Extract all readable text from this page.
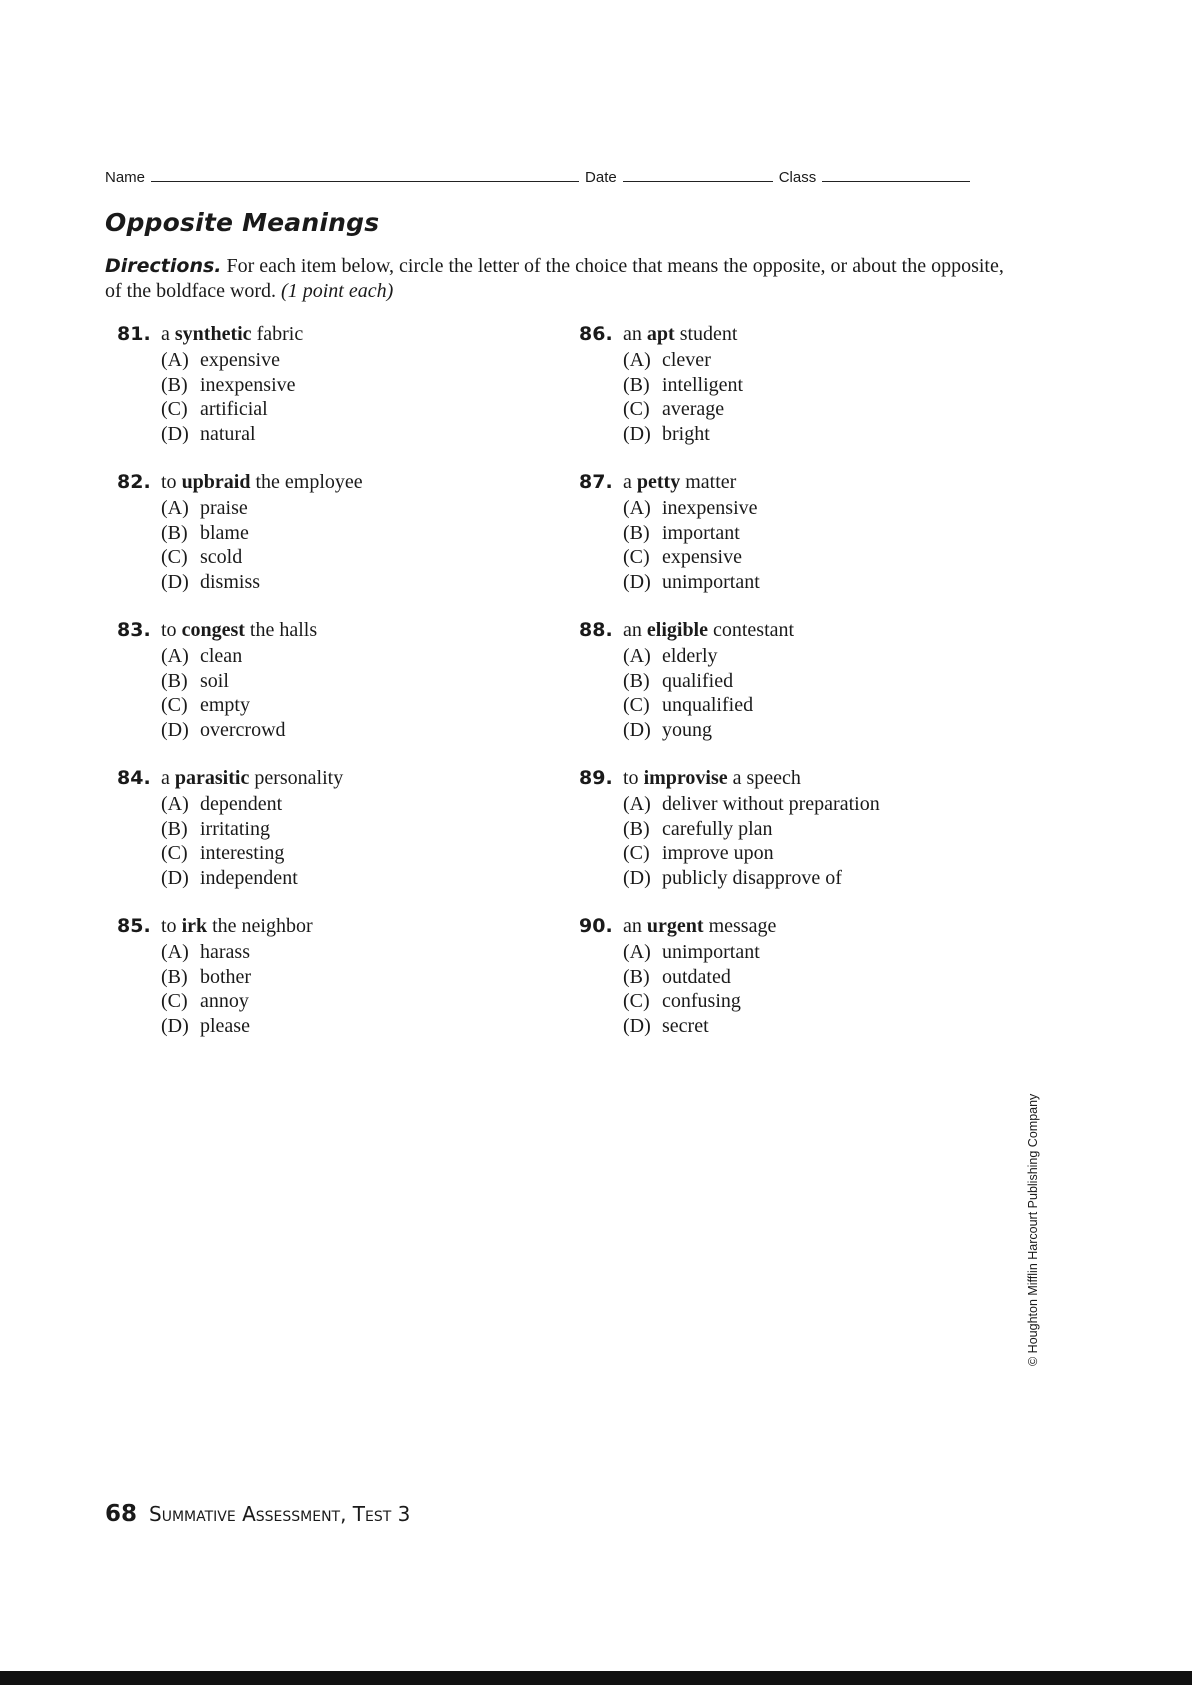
Name	Date	Class
Opposite Meanings

Directions. For each item below, circle the letter of the choice that means the opposite, or about the opposite, of the boldface word. (1 point each)

81. a synthetic fabric
(A) expensive
(B) inexpensive
(C) artificial
(D) natural
82. to upbraid the employee
(A) praise
(B) blame
(C) scold
(D) dismiss
83. to congest the halls
(A) clean
(B) soil
(C) empty
(D) overcrowd
84. a parasitic personality
(A) dependent
(B) irritating
(C) interesting
(D) independent
85. to irk the neighbor
(A) harass
(B) bother
(C) annoy
(D) please
86. an apt student
(A) clever
(B) intelligent
(C) average
(D) bright
87. a petty matter
(A) inexpensive
(B) important
(C) expensive
(D) unimportant
88. an eligible contestant
(A) elderly
(B) qualified
(C) unqualified
(D) young
89. to improvise a speech
(A) deliver without preparation
(B) carefully plan
(C) improve upon
(D) publicly disapprove of
90. an urgent message
(A) unimportant
(B) outdated
(C) confusing
(D) secret
© Houghton Mifflin Harcourt Publishing Company
68 Summative Assessment, Test 3
